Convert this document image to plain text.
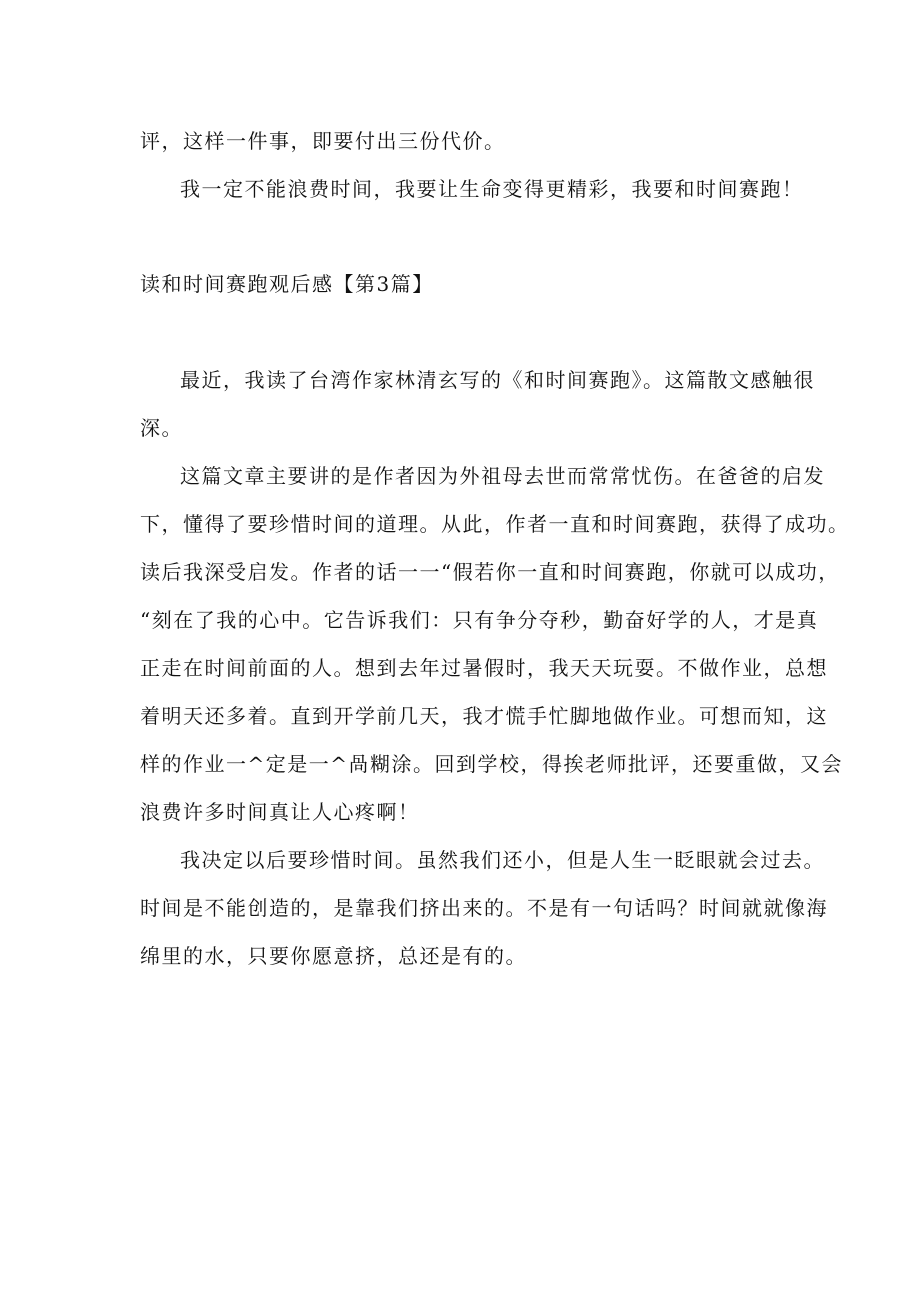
评，这样一件事，即要付出三份代价。
我一定不能浪费时间，我要让生命变得更精彩，我要和时间赛跑！
读和时间赛跑观后感【第3篇】
最近，我读了台湾作家林清玄写的《和时间赛跑》。这篇散文感触很
深。
这篇文章主要讲的是作者因为外祖母去世而常常忧伤。在爸爸的启发
下，懂得了要珍惜时间的道理。从此，作者一直和时间赛跑，获得了成功。
读后我深受启发。作者的话一一“假若你一直和时间赛跑，你就可以成功，
“刻在了我的心中。它告诉我们：只有争分夺秒，勤奋好学的人，才是真
正走在时间前面的人。想到去年过暑假时，我天天玩耍。不做作业，总想
着明天还多着。直到开学前几天，我才慌手忙脚地做作业。可想而知，这
样的作业一^定是一^咼糊涂。回到学校，得挨老师批评，还要重做，又会
浪费许多时间真让人心疼啊！
我决定以后要珍惜时间。虽然我们还小，但是人生一眨眼就会过去。
时间是不能创造的，是靠我们挤出来的。不是有一句话吗？时间就就像海
绵里的水，只要你愿意挤，总还是有的。
